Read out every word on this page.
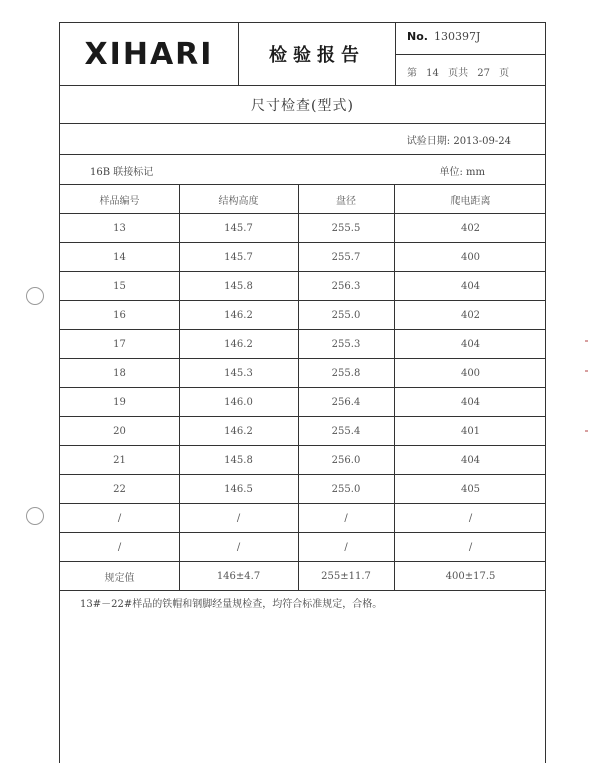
XIHARI	检验报告
No. 130397J
第 14 页共 27 页
尺寸检查(型式)
试验日期: 2013-09-24
16B 联接标记	单位: mm
样品编号	结构高度	盘径	爬电距离
13	145.7	255.5	402
14	145.7	255.7	400
15	145.8	256.3	404
16	146.2	255.0	402
17	146.2	255.3	404
18	145.3	255.8	400
19	146.0	256.4	404
20	146.2	255.4	401
21	145.8	256.0	404
22	146.5	255.0	405
/	/	/	/
/	/	/	/
规定值	146±4.7	255±11.7	400±17.5
13#－22#样品的铁帽和钢脚经量规检查，均符合标准规定，合格。
